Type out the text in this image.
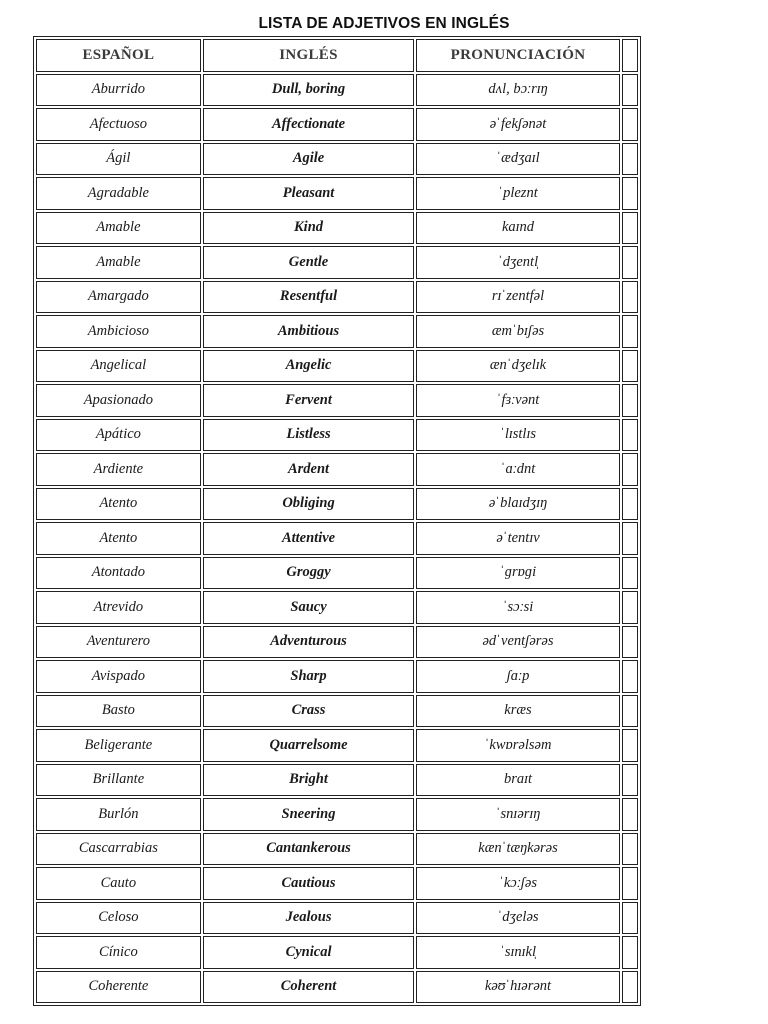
LISTA DE ADJETIVOS EN INGLÉS
ESPAÑOL	INGLÉS	PRONUNCIACIÓN	
Aburrido	Dull, boring	dʌl, bɔːrɪŋ	
Afectuoso	Affectionate	əˈfekʃənət	
Ágil	Agile	ˈædʒaɪl	
Agradable	Pleasant	ˈpleznt	
Amable	Kind	kaɪnd	
Amable	Gentle	ˈdʒentl̩	
Amargado	Resentful	rɪˈzentfəl	
Ambicioso	Ambitious	æmˈbɪʃəs	
Angelical	Angelic	ænˈdʒelɪk	
Apasionado	Fervent	ˈfɜːvənt	
Apático	Listless	ˈlɪstlɪs	
Ardiente	Ardent	ˈɑːdnt	
Atento	Obliging	əˈblaɪdʒɪŋ	
Atento	Attentive	əˈtentɪv	
Atontado	Groggy	ˈɡrɒɡi	
Atrevido	Saucy	ˈsɔːsi	
Aventurero	Adventurous	ədˈventʃərəs	
Avispado	Sharp	ʃɑːp	
Basto	Crass	kræs	
Beligerante	Quarrelsome	ˈkwɒrəlsəm	
Brillante	Bright	braɪt	
Burlón	Sneering	ˈsnɪərɪŋ	
Cascarrabias	Cantankerous	kænˈtæŋkərəs	
Cauto	Cautious	ˈkɔːʃəs	
Celoso	Jealous	ˈdʒeləs	
Cínico	Cynical	ˈsɪnɪkl̩	
Coherente	Coherent	kəʊˈhɪərənt	
